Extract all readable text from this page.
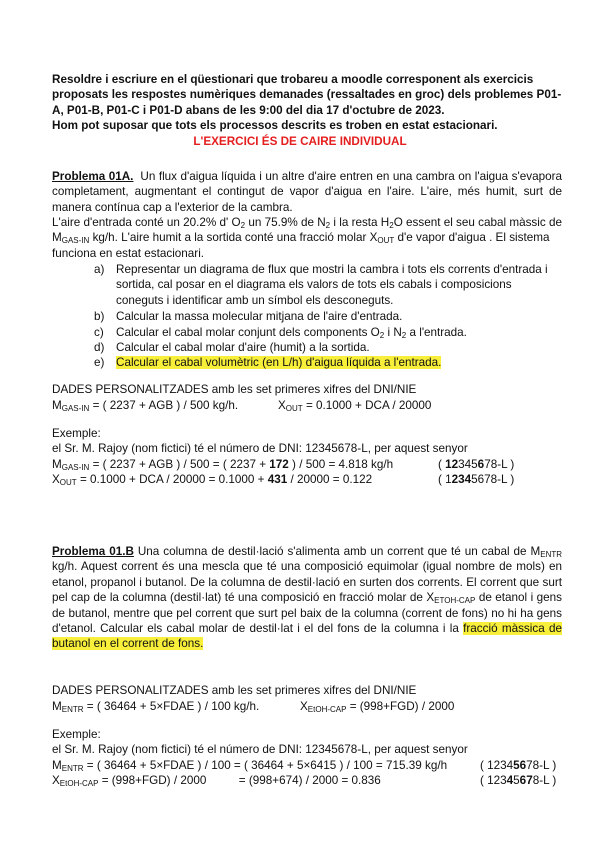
Resoldre i escriure en el qüestionari que trobareu a moodle corresponent als exercicis proposats les respostes numèriques demanades (ressaltades en groc) dels problemes P01-A, P01-B, P01-C i P01-D abans de les 9:00 del dia 17 d'octubre de 2023.
Hom pot suposar que tots els processos descrits es troben en estat estacionari.
L'EXERCICI ÉS DE CAIRE INDIVIDUAL
Problema 01A. Un flux d'aigua líquida i un altre d'aire entren en una cambra on l'aigua s'evapora completament, augmentant el contingut de vapor d'aigua en l'aire. L'aire, més humit, surt de manera contínua cap a l'exterior de la cambra.
L'aire d'entrada conté un 20.2% d' $O_2$ un 75.9% de $N_2$ i la resta $H_2O$ essent el seu cabal màssic de $M_{GAS-IN}$ kg/h. L'aire humit a la sortida conté una fracció molar $X_{OUT}$ d'e vapor d'aigua . El sistema funciona en estat estacionari.
a) Representar un diagrama de flux que mostri la cambra i tots els corrents d'entrada i sortida, cal posar en el diagrama els valors de tots els cabals i composicions coneguts i identificar amb un símbol els desconeguts.
b) Calcular la massa molecular mitjana de l'aire d'entrada.
c) Calcular el cabal molar conjunt dels components $O_2$ i $N_2$ a l'entrada.
d) Calcular el cabal molar d'aire (humit) a la sortida.
e) Calcular el cabal volumètric (en L/h) d'aigua líquida a l'entrada.
DADES PERSONALITZADES amb les set primeres xifres del DNI/NIE
$M_{GAS-IN}$ = ( 2237 + AGB ) / 500 kg/h.	$X_{OUT} = 0.1000$ + DCA / 20000
Exemple:
el Sr. M. Rajoy (nom fictici) té el número de DNI: 12345678-L, per aquest senyor
$M_{GAS-IN}$ = ( 2237 + AGB ) / 500 = ( 2237 + 172 ) / 500 = 4.818 kg/h	( 12345678-L )
$X_{OUT} = 0.1000$ + DCA / 20000 = 0.1000 + 431 / 20000 = 0.122	( 12345678-L )
Problema 01.B Una columna de destil·lació s'alimenta amb un corrent que té un cabal de $M_{ENTR}$ kg/h. Aquest corrent és una mescla que té una composició equimolar (igual nombre de mols) en etanol, propanol i butanol. De la columna de destil·lació en surten dos corrents. El corrent que surt pel cap de la columna (destil·lat) té una composició en fracció molar de $X_{ETOH-CAP}$ de etanol i gens de butanol, mentre que pel corrent que surt pel baix de la columna (corrent de fons) no hi ha gens d'etanol. Calcular els cabal molar de destil·lat i el del fons de la columna i la fracció màssica de butanol en el corrent de fons.
DADES PERSONALITZADES amb les set primeres xifres del DNI/NIE
$M_{ENTR}$ = ( 36464 + 5×FDAE ) / 100 kg/h.	$X_{EtOH-CAP} = (998+FGD) / 2000$
Exemple:
el Sr. M. Rajoy (nom fictici) té el número de DNI: 12345678-L, per aquest senyor
$M_{ENTR}$ = ( 36464 + 5×FDAE ) / 100 = ( 36464 + 5×6415 ) / 100 = 715.39 kg/h	( 12345678-L )
$X_{EtOH-CAP} = (998+FGD) / 2000$          = (998+674) / 2000 = 0.836	( 12345678-L )
